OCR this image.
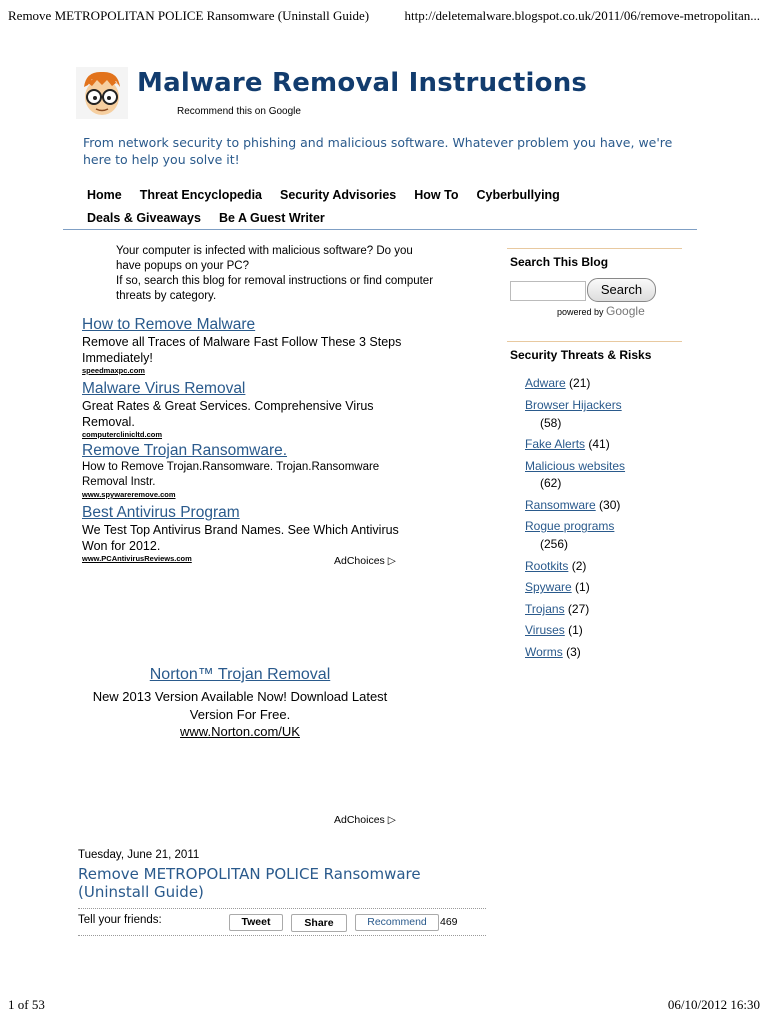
Remove METROPOLITAN POLICE Ransomware (Uninstall Guide)	http://deletemalware.blogspot.co.uk/2011/06/remove-metropolitan...
1 of 53	06/10/2012 16:30
Malware Removal Instructions
Recommend this on Google
From network security to phishing and malicious software. Whatever problem you have, we're here to help you solve it!
Home Threat Encyclopedia Security Advisories How To Cyberbullying
Deals & Giveaways Be A Guest Writer
Your computer is infected with malicious software? Do you have popups on your PC?
If so, search this blog for removal instructions or find computer threats by category.
How to Remove Malware
Remove all Traces of Malware Fast Follow These 3 Steps Immediately!
speedmaxpc.com
Malware Virus Removal
Great Rates & Great Services. Comprehensive Virus Removal.
computerclinicltd.com
Remove Trojan Ransomware.
How to Remove Trojan.Ransomware. Trojan.Ransomware Removal Instr.
www.spywareremove.com
Best Antivirus Program
We Test Top Antivirus Brand Names. See Which Antivirus Won for 2012.
www.PCAntivirusReviews.com	AdChoices ▷
Norton™ Trojan Removal
New 2013 Version Available Now! Download Latest Version For Free.
www.Norton.com/UK
AdChoices ▷
Tuesday, June 21, 2011
Remove METROPOLITAN POLICE Ransomware (Uninstall Guide)
Tell your friends:	Tweet	Share	Recommend	469
Search This Blog
Search
powered by Google
Security Threats & Risks
Adware (21)
Browser Hijackers
(58)
Fake Alerts (41)
Malicious websites
(62)
Ransomware (30)
Rogue programs
(256)
Rootkits (2)
Spyware (1)
Trojans (27)
Viruses (1)
Worms (3)
